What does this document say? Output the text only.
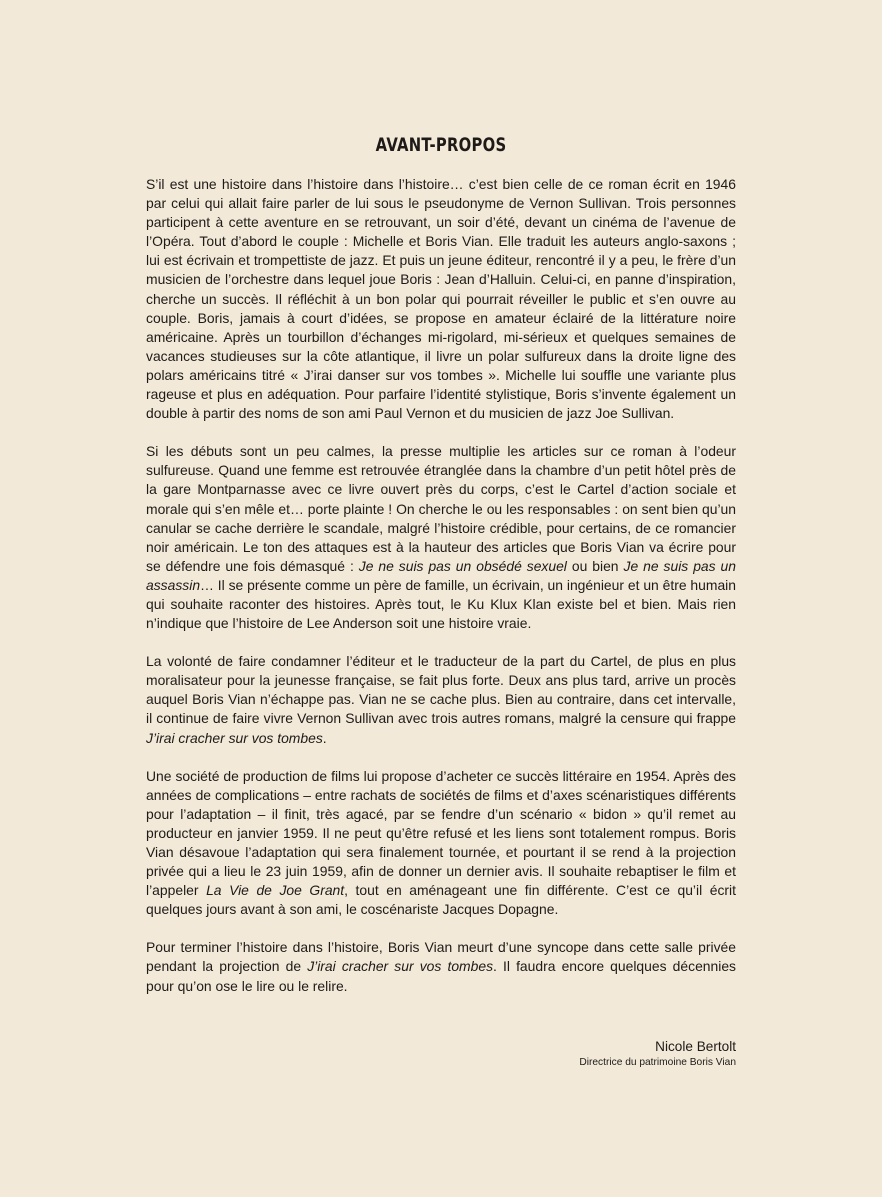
AVANT-PROPOS

S’il est une histoire dans l’histoire dans l’histoire… c’est bien celle de ce roman écrit en 1946 par celui qui allait faire parler de lui sous le pseudonyme de Vernon Sullivan. Trois personnes participent à cette aventure en se retrouvant, un soir d’été, devant un cinéma de l’avenue de l’Opéra. Tout d’abord le couple : Michelle et Boris Vian. Elle traduit les auteurs anglo-saxons ; lui est écrivain et trompettiste de jazz. Et puis un jeune éditeur, rencontré il y a peu, le frère d’un musicien de l’orchestre dans lequel joue Boris : Jean d’Halluin. Celui-ci, en panne d’inspiration, cherche un succès. Il réfléchit à un bon polar qui pourrait réveiller le public et s’en ouvre au couple. Boris, jamais à court d’idées, se propose en amateur éclairé de la littérature noire américaine. Après un tourbillon d’échanges mi-rigolard, mi-sérieux et quelques semaines de vacances studieuses sur la côte atlantique, il livre un polar sulfureux dans la droite ligne des polars américains titré « J’irai danser sur vos tombes ». Michelle lui souffle une variante plus rageuse et plus en adéquation. Pour parfaire l’identité stylistique, Boris s’invente également un double à partir des noms de son ami Paul Vernon et du musicien de jazz Joe Sullivan.

Si les débuts sont un peu calmes, la presse multiplie les articles sur ce roman à l’odeur sulfureuse. Quand une femme est retrouvée étranglée dans la chambre d’un petit hôtel près de la gare Montparnasse avec ce livre ouvert près du corps, c’est le Cartel d’action sociale et morale qui s’en mêle et… porte plainte ! On cherche le ou les responsables : on sent bien qu’un canular se cache derrière le scandale, malgré l’histoire crédible, pour certains, de ce romancier noir américain. Le ton des attaques est à la hauteur des articles que Boris Vian va écrire pour se défendre une fois démasqué : Je ne suis pas un obsédé sexuel ou bien Je ne suis pas un assassin… Il se présente comme un père de famille, un écrivain, un ingénieur et un être humain qui souhaite raconter des histoires. Après tout, le Ku Klux Klan existe bel et bien. Mais rien n’indique que l’histoire de Lee Anderson soit une histoire vraie.

La volonté de faire condamner l’éditeur et le traducteur de la part du Cartel, de plus en plus moralisateur pour la jeunesse française, se fait plus forte. Deux ans plus tard, arrive un procès auquel Boris Vian n’échappe pas. Vian ne se cache plus. Bien au contraire, dans cet intervalle, il continue de faire vivre Vernon Sullivan avec trois autres romans, malgré la censure qui frappe J’irai cracher sur vos tombes.

Une société de production de films lui propose d’acheter ce succès littéraire en 1954. Après des années de complications – entre rachats de sociétés de films et d’axes scénaristiques différents pour l’adaptation – il finit, très agacé, par se fendre d’un scénario « bidon » qu’il remet au producteur en janvier 1959. Il ne peut qu’être refusé et les liens sont totalement rompus. Boris Vian désavoue l’adaptation qui sera finalement tournée, et pourtant il se rend à la projection privée qui a lieu le 23 juin 1959, afin de donner un dernier avis. Il souhaite rebaptiser le film et l’appeler La Vie de Joe Grant, tout en aménageant une fin différente. C’est ce qu’il écrit quelques jours avant à son ami, le coscénariste Jacques Dopagne.

Pour terminer l’histoire dans l’histoire, Boris Vian meurt d’une syncope dans cette salle privée pendant la projection de J’irai cracher sur vos tombes. Il faudra encore quelques décennies pour qu’on ose le lire ou le relire.

Nicole Bertolt
Directrice du patrimoine Boris Vian
